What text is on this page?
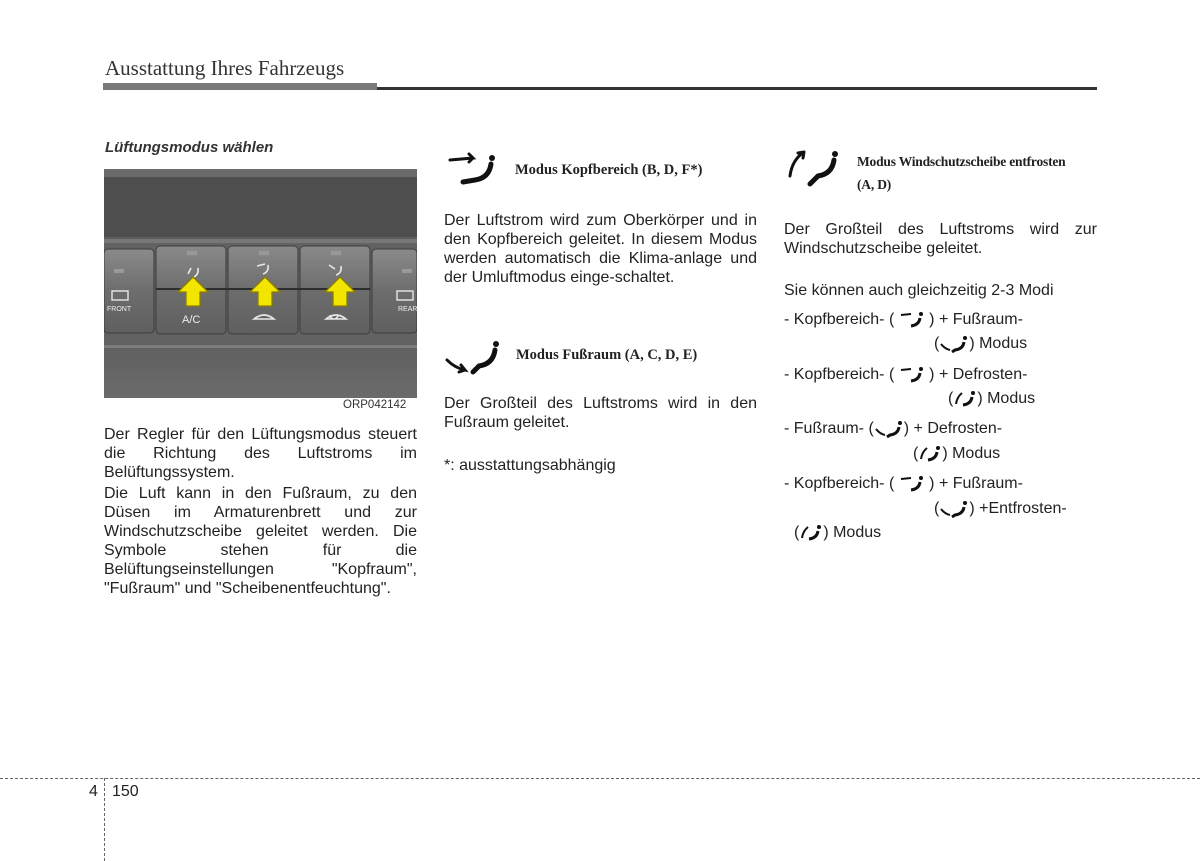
Ausstattung Ihres Fahrzeugs
Lüftungsmodus wählen
FRONT	REAR
A/C
ORP042142
Der Regler für den Lüftungsmodus steuert die Richtung des Luftstroms im Belüftungssystem.
Die Luft kann in den Fußraum, zu den Düsen im Armaturenbrett und zur Windschutzscheibe geleitet werden. Die Symbole stehen für die Belüftungseinstellungen "Kopfraum", "Fußraum" und "Scheibenentfeuchtung".
Modus Kopfbereich (B, D, F*)
Der Luftstrom wird zum Oberkörper und in den Kopfbereich geleitet. In diesem Modus werden automatisch die Klima-anlage und der Umluftmodus einge-schaltet.
Modus Fußraum (A, C, D, E)
Der Großteil des Luftstroms wird in den Fußraum geleitet.
*: ausstattungsabhängig
Modus Windschutzscheibe entfrosten
(A, D)
Der Großteil des Luftstroms wird zur Windschutzscheibe geleitet.
Sie können auch gleichzeitig 2-3 Modi
- Kopfbereich- ( ) + Fußraum-
( ) Modus
- Kopfbereich- ( ) + Defrosten-
( ) Modus
- Fußraum- ( ) + Defrosten-
( ) Modus
- Kopfbereich- ( ) + Fußraum-
( ) +Entfrosten-
( ) Modus
4 150
